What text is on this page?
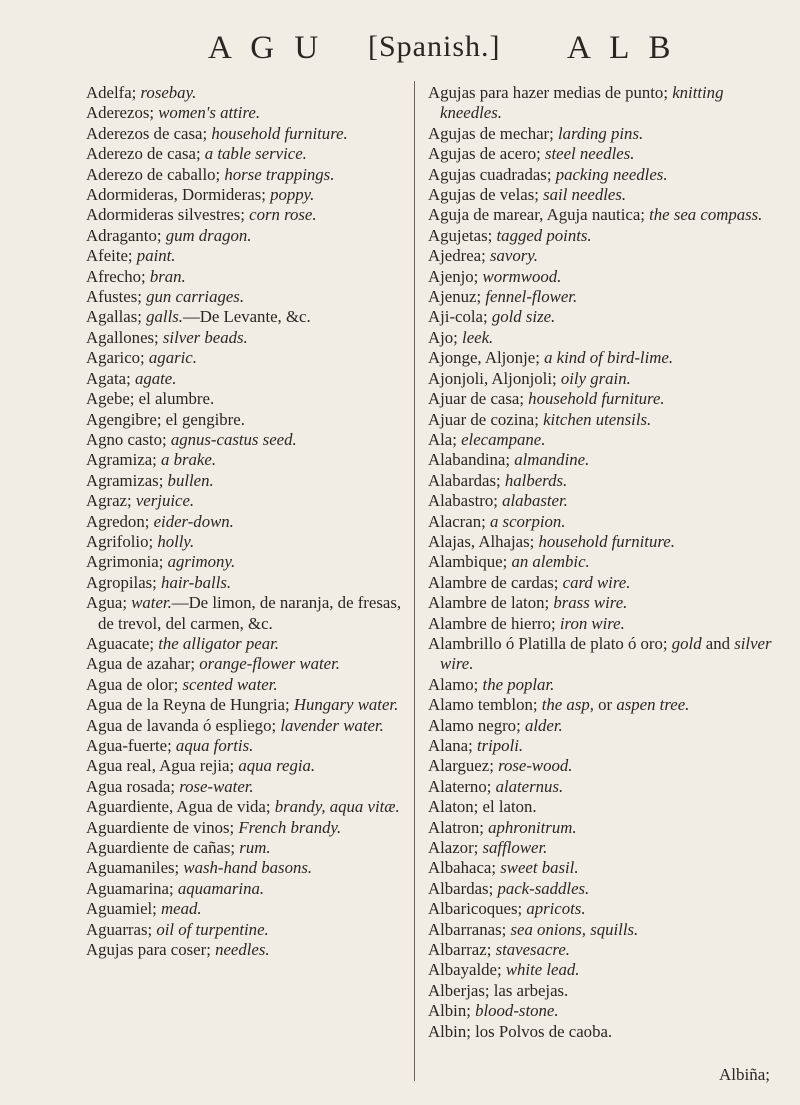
A G U [Spanish.] A L B
Adelfa; rosebay.
Aderezos; women's attire.
Aderezos de casa; household furniture.
Aderezo de casa; a table service.
Aderezo de caballo; horse trappings.
Adormideras, Dormideras; poppy.
Adormideras silvestres; corn rose.
Adraganto; gum dragon.
Afeite; paint.
Afrecho; bran.
Afustes; gun carriages.
Agallas; galls.—De Levante, &c.
Agallones; silver beads.
Agarico; agaric.
Agata; agate.
Agebe; el alumbre.
Agengibre; el gengibre.
Agno casto; agnus-castus seed.
Agramiza; a brake.
Agramizas; bullen.
Agraz; verjuice.
Agredon; eider-down.
Agrifolio; holly.
Agrimonia; agrimony.
Agropilas; hair-balls.
Agua; water.—De limon, de naranja, de fresas, de trevol, del carmen, &c.
Aguacate; the alligator pear.
Agua de azahar; orange-flower water.
Agua de olor; scented water.
Agua de la Reyna de Hungria; Hungary water.
Agua de lavanda ó espliego; lavender water.
Agua-fuerte; aqua fortis.
Agua real, Agua rejia; aqua regia.
Agua rosada; rose-water.
Aguardiente, Agua de vida; brandy, aqua vitæ.
Aguardiente de vinos; French brandy.
Aguardiente de cañas; rum.
Aguamaniles; wash-hand basons.
Aguamarina; aquamarina.
Aguamiel; mead.
Aguarras; oil of turpentine.
Agujas para coser; needles.
Agujas para hazer medias de punto; knitting kneedles.
Agujas de mechar; larding pins.
Agujas de acero; steel needles.
Agujas cuadradas; packing needles.
Agujas de velas; sail needles.
Aguja de marear, Aguja nautica; the sea compass.
Agujetas; tagged points.
Ajedrea; savory.
Ajenjo; wormwood.
Ajenuz; fennel-flower.
Aji-cola; gold size.
Ajo; leek.
Ajonge, Aljonje; a kind of bird-lime.
Ajonjoli, Aljonjoli; oily grain.
Ajuar de casa; household furniture.
Ajuar de cozina; kitchen utensils.
Ala; elecampane.
Alabandina; almandine.
Alabardas; halberds.
Alabastro; alabaster.
Alacran; a scorpion.
Alajas, Alhajas; household furniture.
Alambique; an alembic.
Alambre de cardas; card wire.
Alambre de laton; brass wire.
Alambre de hierro; iron wire.
Alambrillo ó Platilla de plato ó oro; gold and silver wire.
Alamo; the poplar.
Alamo temblon; the asp, or aspen tree.
Alamo negro; alder.
Alana; tripoli.
Alarguez; rose-wood.
Alaterno; alaternus.
Alaton; el laton.
Alatron; aphronitrum.
Alazor; safflower.
Albahaca; sweet basil.
Albardas; pack-saddles.
Albaricoques; apricots.
Albarranas; sea onions, squills.
Albarraz; stavesacre.
Albayalde; white lead.
Alberjas; las arbejas.
Albin; blood-stone.
Albin; los Polvos de caoba.
Albiña;
